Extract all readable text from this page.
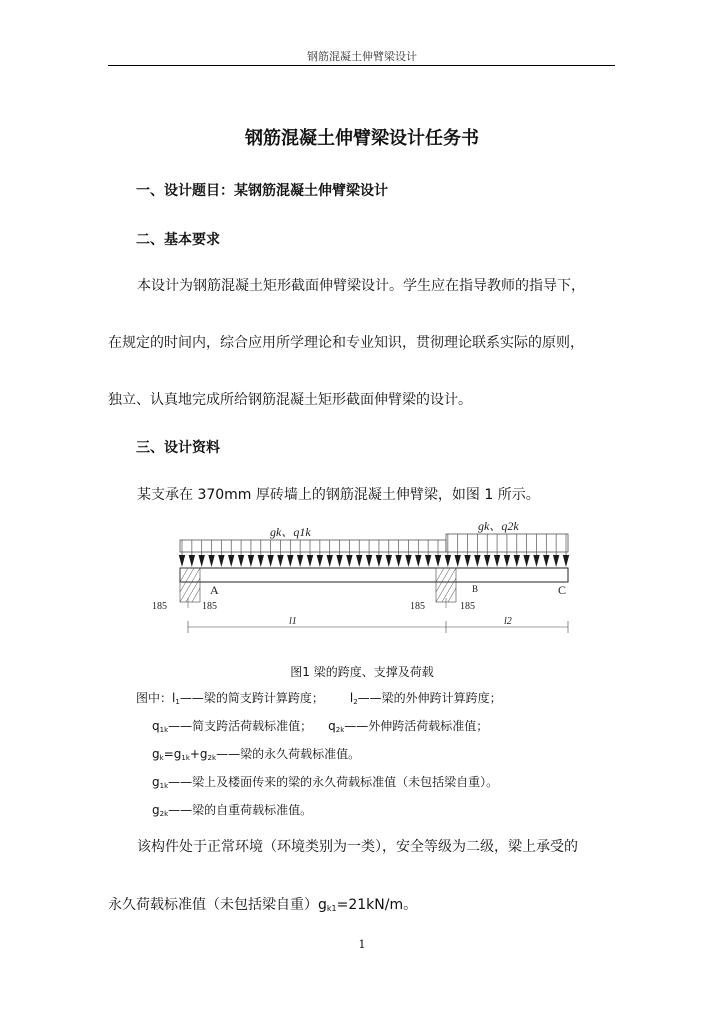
钢筋混凝土伸臂梁设计
钢筋混凝土伸臂梁设计任务书
一、设计题目：某钢筋混凝土伸臂梁设计
二、基本要求
本设计为钢筋混凝土矩形截面伸臂梁设计。学生应在指导教师的指导下，
在规定的时间内，综合应用所学理论和专业知识，贯彻理论联系实际的原则，
独立、认真地完成所给钢筋混凝土矩形截面伸臂梁的设计。
三、设计资料
某支承在 370mm 厚砖墙上的钢筋混凝土伸臂梁，如图 1 所示。
gk、q1k	gk、q2k
A	B	C
185	185	185	185
l1	l2
图1 梁的跨度、支撑及荷载
图中：$l_1——$梁的简支跨计算跨度； $l_2——$梁的外伸跨计算跨度；
$q_{1k}——$简支跨活荷载标准值； $q_{2k}——$外伸跨活荷载标准值；
$g_k=g_{1k}+g_{2k}——$梁的永久荷载标准值。
$g_{1k}——$梁上及楼面传来的梁的永久荷载标准值（未包括梁自重）。
$g_{2k}——$梁的自重荷载标准值。
该构件处于正常环境（环境类别为一类），安全等级为二级，梁上承受的
永久荷载标准值（未包括梁自重）$g_{k1}=21kN/m$。
1
